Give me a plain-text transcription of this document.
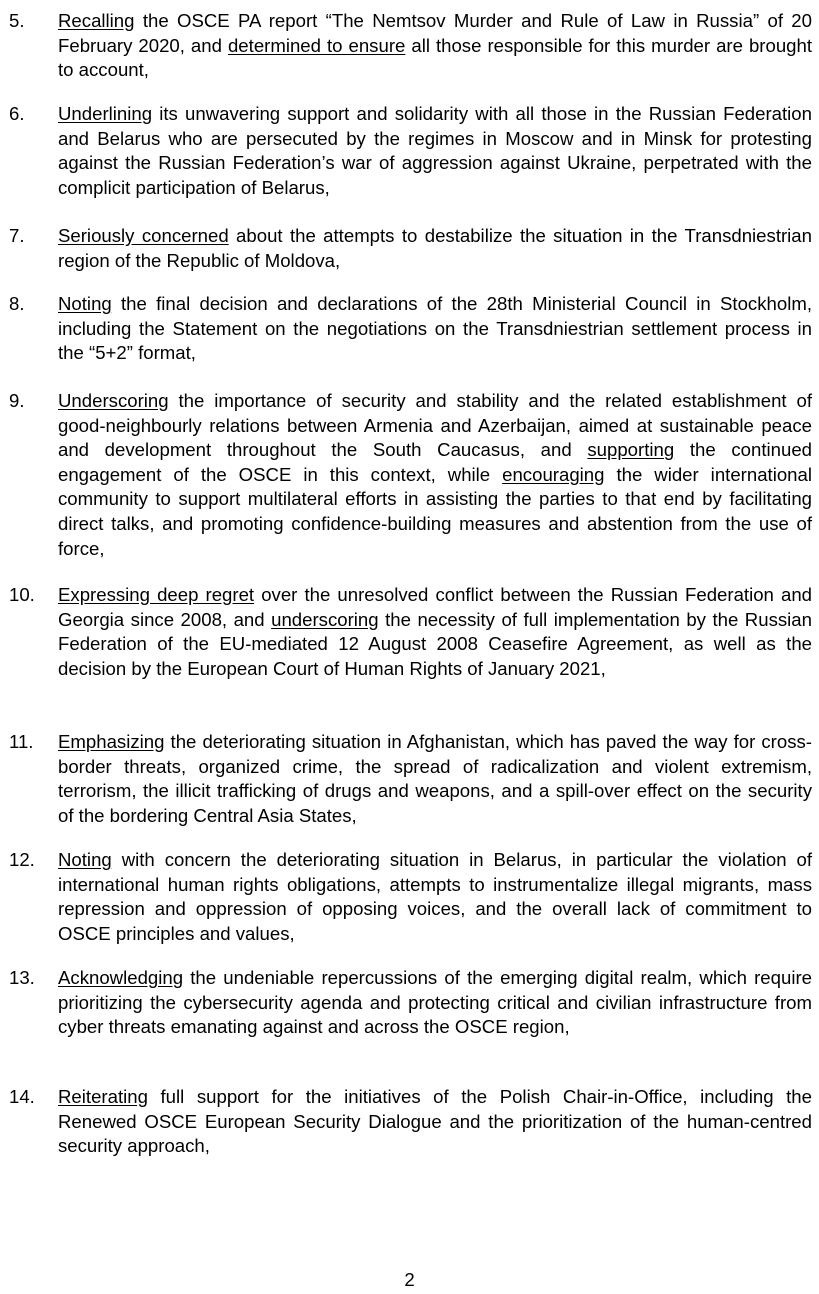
5.	Recalling the OSCE PA report “The Nemtsov Murder and Rule of Law in Russia” of 20 February 2020, and determined to ensure all those responsible for this murder are brought to account,
6.	Underlining its unwavering support and solidarity with all those in the Russian Federation and Belarus who are persecuted by the regimes in Moscow and in Minsk for protesting against the Russian Federation’s war of aggression against Ukraine, perpetrated with the complicit participation of Belarus,
7.	Seriously concerned about the attempts to destabilize the situation in the Transdniestrian region of the Republic of Moldova,
8.	Noting the final decision and declarations of the 28th Ministerial Council in Stockholm, including the Statement on the negotiations on the Transdniestrian settlement process in the “5+2” format,
9.	Underscoring the importance of security and stability and the related establishment of good-neighbourly relations between Armenia and Azerbaijan, aimed at sustainable peace and development throughout the South Caucasus, and supporting the continued engagement of the OSCE in this context, while encouraging the wider international community to support multilateral efforts in assisting the parties to that end by facilitating direct talks, and promoting confidence-building measures and abstention from the use of force,
10.	Expressing deep regret over the unresolved conflict between the Russian Federation and Georgia since 2008, and underscoring the necessity of full implementation by the Russian Federation of the EU-mediated 12 August 2008 Ceasefire Agreement, as well as the decision by the European Court of Human Rights of January 2021,
11.	Emphasizing the deteriorating situation in Afghanistan, which has paved the way for cross-border threats, organized crime, the spread of radicalization and violent extremism, terrorism, the illicit trafficking of drugs and weapons, and a spill-over effect on the security of the bordering Central Asia States,
12.	Noting with concern the deteriorating situation in Belarus, in particular the violation of international human rights obligations, attempts to instrumentalize illegal migrants, mass repression and oppression of opposing voices, and the overall lack of commitment to OSCE principles and values,
13.	Acknowledging the undeniable repercussions of the emerging digital realm, which require prioritizing the cybersecurity agenda and protecting critical and civilian infrastructure from cyber threats emanating against and across the OSCE region,
14.	Reiterating full support for the initiatives of the Polish Chair-in-Office, including the Renewed OSCE European Security Dialogue and the prioritization of the human-centred security approach,
2
